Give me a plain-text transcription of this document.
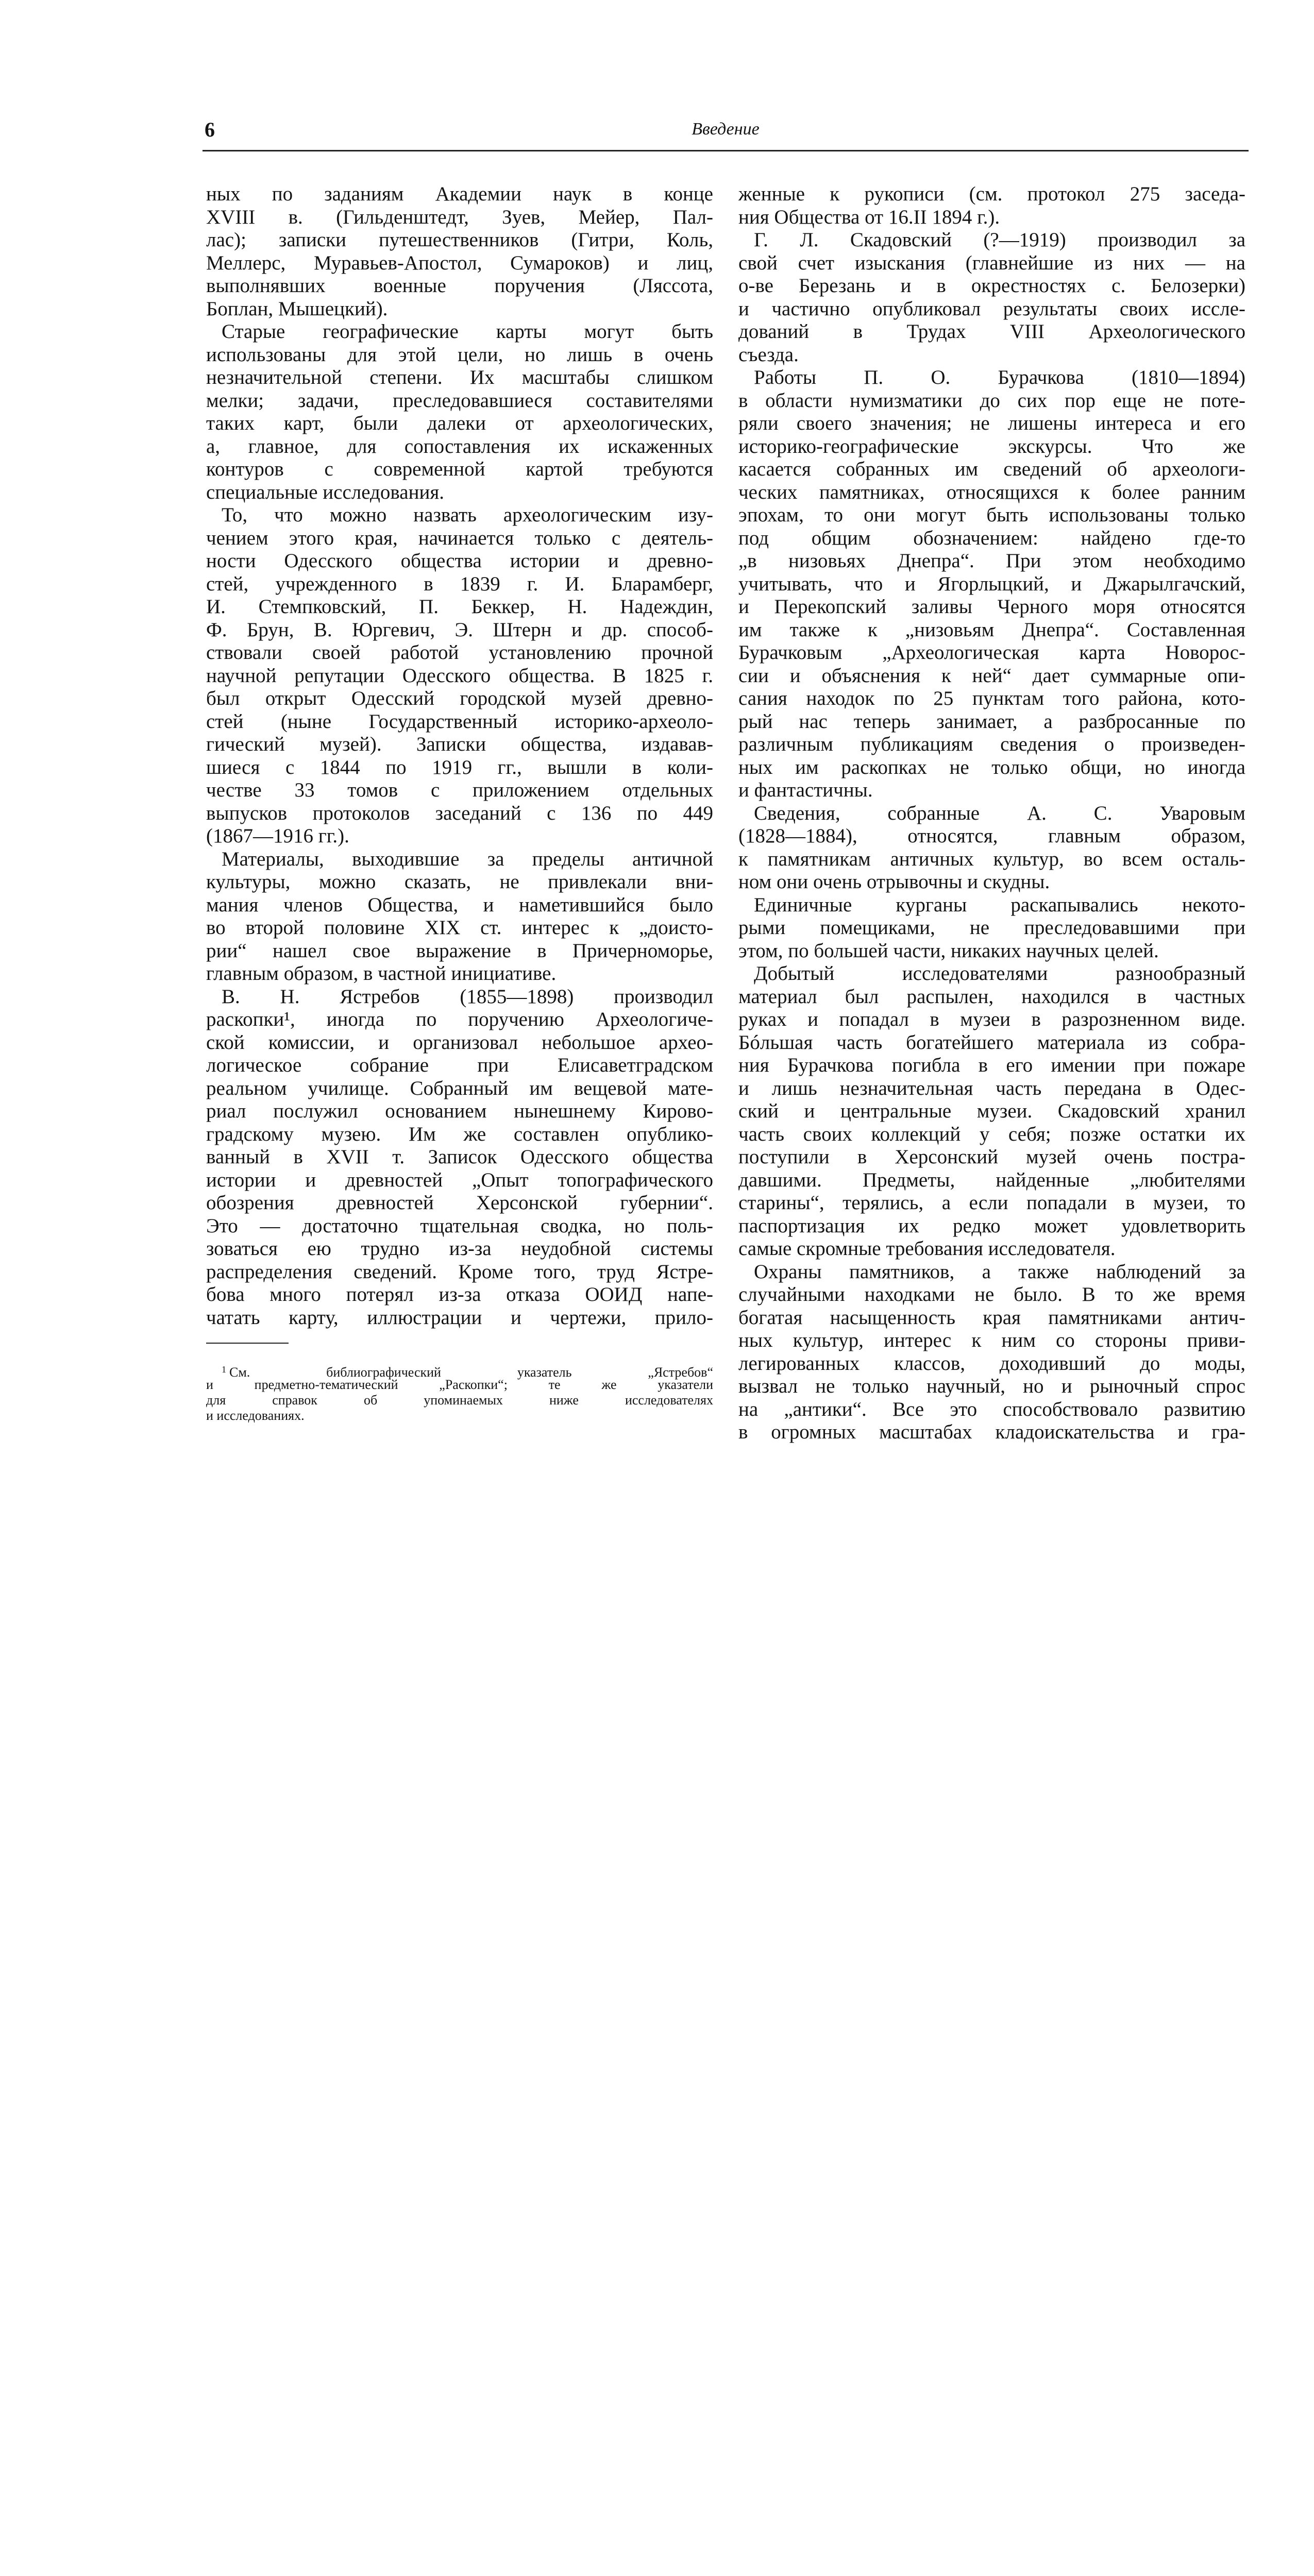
6	Введение
ных по заданиям Академии наук в конце
XVIII в. (Гильденштедт, Зуев, Мейер, Пал-
лас); записки путешественников (Гитри, Коль,
Меллерс, Муравьев-Апостол, Сумароков) и лиц,
выполнявших военные поручения (Ляссота,
Боплан, Мышецкий).
Старые географические карты могут быть
использованы для этой цели, но лишь в очень
незначительной степени. Их масштабы слишком
мелки; задачи, преследовавшиеся составителями
таких карт, были далеки от археологических,
а, главное, для сопоставления их искаженных
контуров с современной картой требуются
специальные исследования.
То, что можно назвать археологическим изу-
чением этого края, начинается только с деятель-
ности Одесского общества истории и древно-
стей, учрежденного в 1839 г. И. Бларамберг,
И. Стемпковский, П. Беккер, Н. Надеждин,
Ф. Брун, В. Юргевич, Э. Штерн и др. способ-
ствовали своей работой установлению прочной
научной репутации Одесского общества. В 1825 г.
был открыт Одесский городской музей древно-
стей (ныне Государственный историко-археоло-
гический музей). Записки общества, издавав-
шиеся с 1844 по 1919 гг., вышли в коли-
честве 33 томов с приложением отдельных
выпусков протоколов заседаний с 136 по 449
(1867—1916 гг.).
Материалы, выходившие за пределы античной
культуры, можно сказать, не привлекали вни-
мания членов Общества, и наметившийся было
во второй половине XIX ст. интерес к „доисто-
рии“ нашел свое выражение в Причерноморье,
главным образом, в частной инициативе.
В. Н. Ястребов (1855—1898) производил
раскопки¹, иногда по поручению Археологиче-
ской комиссии, и организовал небольшое архео-
логическое собрание при Елисаветградском
реальном училище. Собранный им вещевой мате-
риал послужил основанием нынешнему Кирово-
градскому музею. Им же составлен опублико-
ванный в XVII т. Записок Одесского общества
истории и древностей „Опыт топографического
обозрения древностей Херсонской губернии“.
Это — достаточно тщательная сводка, но поль-
зоваться ею трудно из-за неудобной системы
распределения сведений. Кроме того, труд Ястре-
бова много потерял из-за отказа ООИД напе-
чатать карту, иллюстрации и чертежи, прило-
женные к рукописи (см. протокол 275 заседа-
ния Общества от 16.II 1894 г.).
Г. Л. Скадовский (?—1919) производил за
свой счет изыскания (главнейшие из них — на
о-ве Березань и в окрестностях с. Белозерки)
и частично опубликовал результаты своих иссле-
дований в Трудах VIII Археологического
съезда.
Работы П. О. Бурачкова (1810—1894)
в области нумизматики до сих пор еще не поте-
ряли своего значения; не лишены интереса и его
историко-географические экскурсы. Что же
касается собранных им сведений об археологи-
ческих памятниках, относящихся к более ранним
эпохам, то они могут быть использованы только
под общим обозначением: найдено где-то
„в низовьях Днепра“. При этом необходимо
учитывать, что и Ягорлыцкий, и Джарылгачский,
и Перекопский заливы Черного моря относятся
им также к „низовьям Днепра“. Составленная
Бурачковым „Археологическая карта Новорос-
сии и объяснения к ней“ дает суммарные опи-
сания находок по 25 пунктам того района, кото-
рый нас теперь занимает, а разбросанные по
различным публикациям сведения о произведен-
ных им раскопках не только общи, но иногда
и фантастичны.
Сведения, собранные А. С. Уваровым
(1828—1884), относятся, главным образом,
к памятникам античных культур, во всем осталь-
ном они очень отрывочны и скудны.
Единичные курганы раскапывались некото-
рыми помещиками, не преследовавшими при
этом, по большей части, никаких научных целей.
Добытый исследователями разнообразный
материал был распылен, находился в частных
руках и попадал в музеи в разрозненном виде.
Бóльшая часть богатейшего материала из собра-
ния Бурачкова погибла в его имении при пожаре
и лишь незначительная часть передана в Одес-
ский и центральные музеи. Скадовский хранил
часть своих коллекций у себя; позже остатки их
поступили в Херсонский музей очень постра-
давшими. Предметы, найденные „любителями
старины“, терялись, а если попадали в музеи, то
паспортизация их редко может удовлетворить
самые скромные требования исследователя.
Охраны памятников, а также наблюдений за
случайными находками не было. В то же время
богатая насыщенность края памятниками антич-
ных культур, интерес к ним со стороны приви-
легированных классов, доходивший до моды,
вызвал не только научный, но и рыночный спрос
на „антики“. Все это способствовало развитию
в огромных масштабах кладоискательства и гра-
$^1$ См. библиографический указатель „Ястребов“
и предметно-тематический „Раскопки“; те же указатели
для справок об упоминаемых ниже исследователях
и исследованиях.
